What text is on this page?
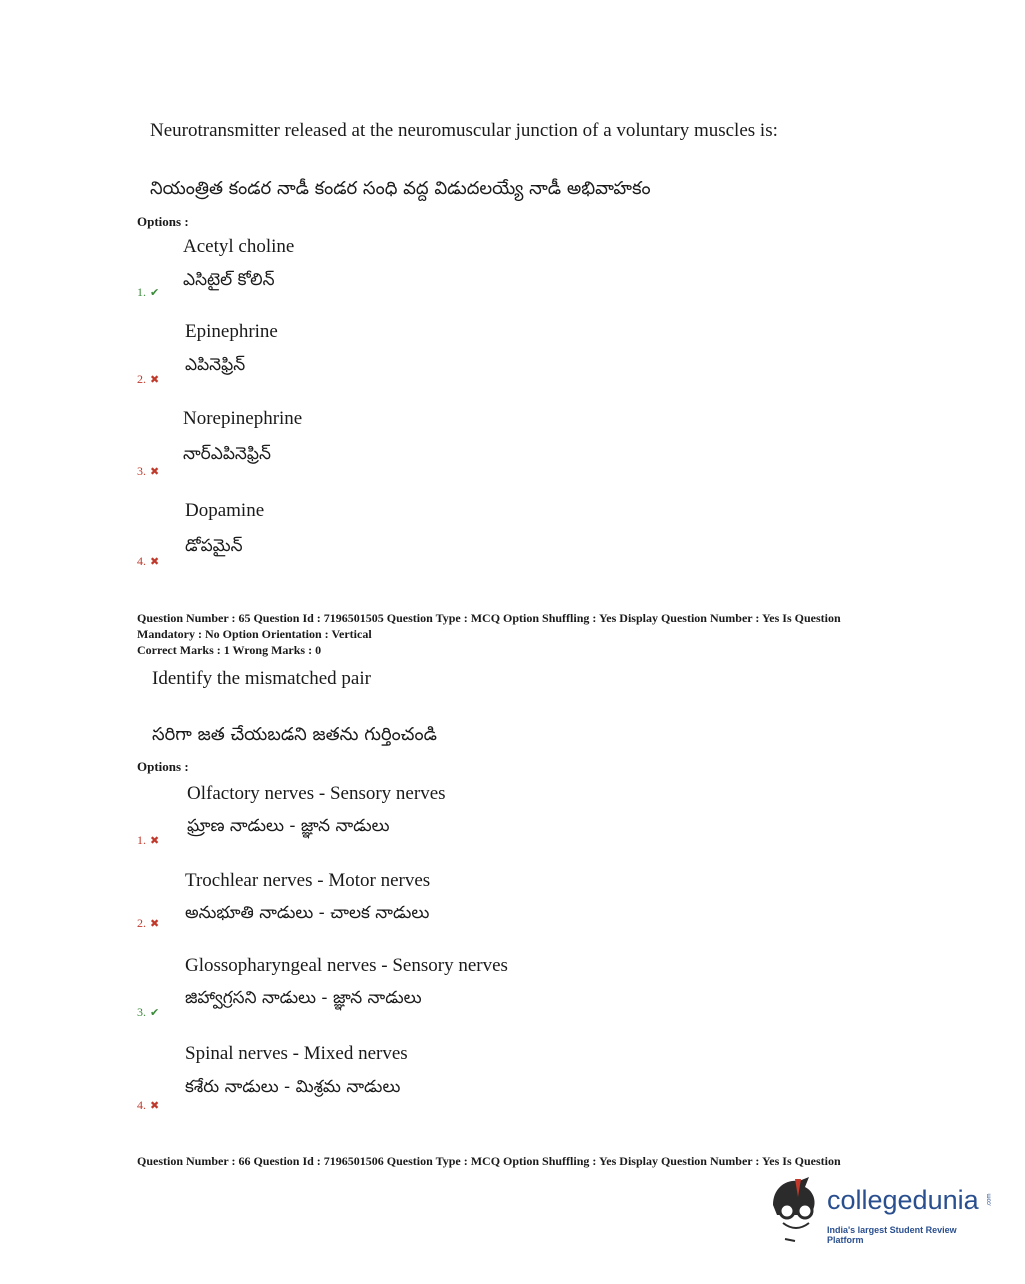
Neurotransmitter released at the neuromuscular junction of a voluntary muscles is:
నియంత్రిత కండర నాడీ కండర సంధి వద్ద విడుదలయ్యే నాడీ అభివాహకం
Options :
Acetyl choline
ఎసిటైల్ కోలిన్
1. ✔
Epinephrine
ఎపినెఫ్రిన్
2. ✖
Norepinephrine
నార్ఎపినెఫ్రిన్
3. ✖
Dopamine
డోపమైన్
4. ✖
Question Number : 65 Question Id : 7196501505 Question Type : MCQ Option Shuffling : Yes Display Question Number : Yes Is Question Mandatory : No Option Orientation : Vertical
Correct Marks : 1 Wrong Marks : 0
Identify the mismatched pair
సరిగా జత చేయబడని జతను గుర్తించండి
Options :
Olfactory nerves - Sensory nerves
ఘ్రాణ నాడులు - జ్ఞాన నాడులు
1. ✖
Trochlear nerves - Motor nerves
అనుభూతి నాడులు - చాలక నాడులు
2. ✖
Glossopharyngeal nerves - Sensory nerves
జిహ్వాగ్రసని నాడులు - జ్ఞాన నాడులు
3. ✔
Spinal nerves - Mixed nerves
కశేరు నాడులు - మిశ్రమ నాడులు
4. ✖
Question Number : 66 Question Id : 7196501506 Question Type : MCQ Option Shuffling : Yes Display Question Number : Yes Is Question
collegedunia .com
India's largest Student Review Platform
